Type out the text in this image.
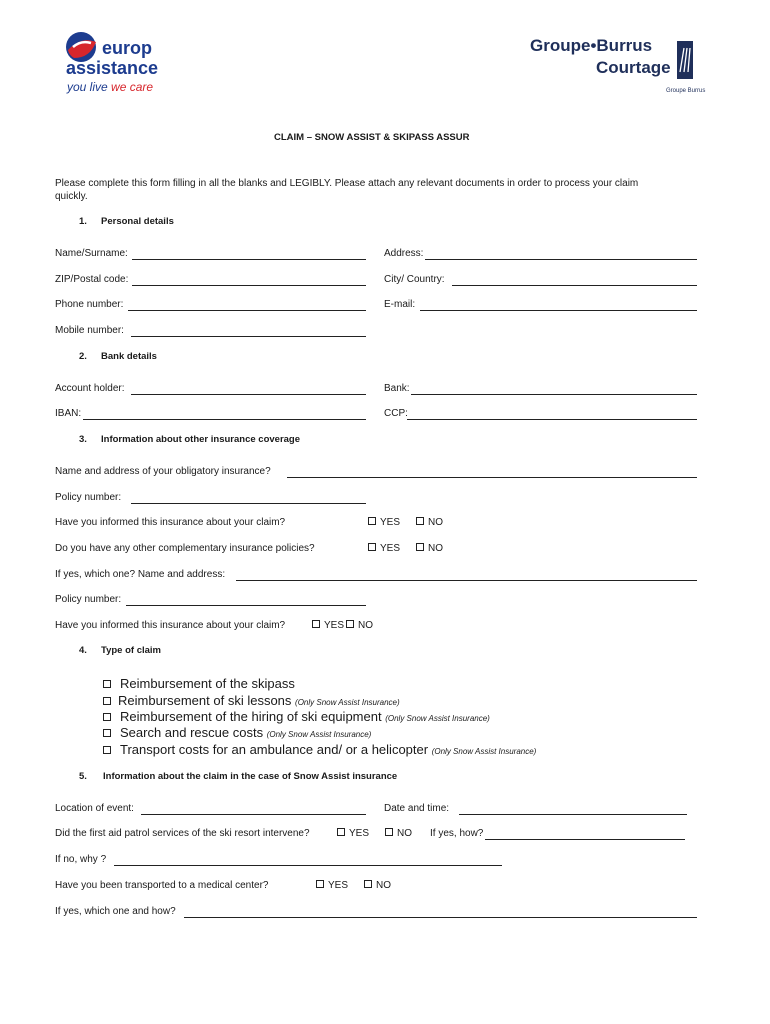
europ
assistance
you live we care
Groupe•Burrus
Courtage
Groupe Burrus
CLAIM – SNOW ASSIST & SKIPASS ASSUR
Please complete this form filling in all the blanks and LEGIBLY. Please attach any relevant documents in order to process your claim
quickly.
1. Personal details
Name/Surname:	Address:
ZIP/Postal code:	City/ Country:
Phone number:	E-mail:
Mobile number:
2. Bank details
Account holder:	Bank:
IBAN:	CCP:
3. Information about other insurance coverage
Name and address of your obligatory insurance?
Policy number:
Have you informed this insurance about your claim?	YES	NO
Do you have any other complementary insurance policies?	YES	NO
If yes, which one? Name and address:
Policy number:
Have you informed this insurance about your claim?	YES	NO
4. Type of claim
Reimbursement of the skipass
Reimbursement of ski lessons (Only Snow Assist Insurance)
Reimbursement of the hiring of ski equipment (Only Snow Assist Insurance)
Search and rescue costs (Only Snow Assist Insurance)
Transport costs for an ambulance and/ or a helicopter (Only Snow Assist Insurance)
5. Information about the claim in the case of Snow Assist insurance
Location of event:	Date and time:
Did the first aid patrol services of the ski resort intervene?	YES	NO If yes, how?
If no, why ?
Have you been transported to a medical center?	YES	NO
If yes, which one and how?
